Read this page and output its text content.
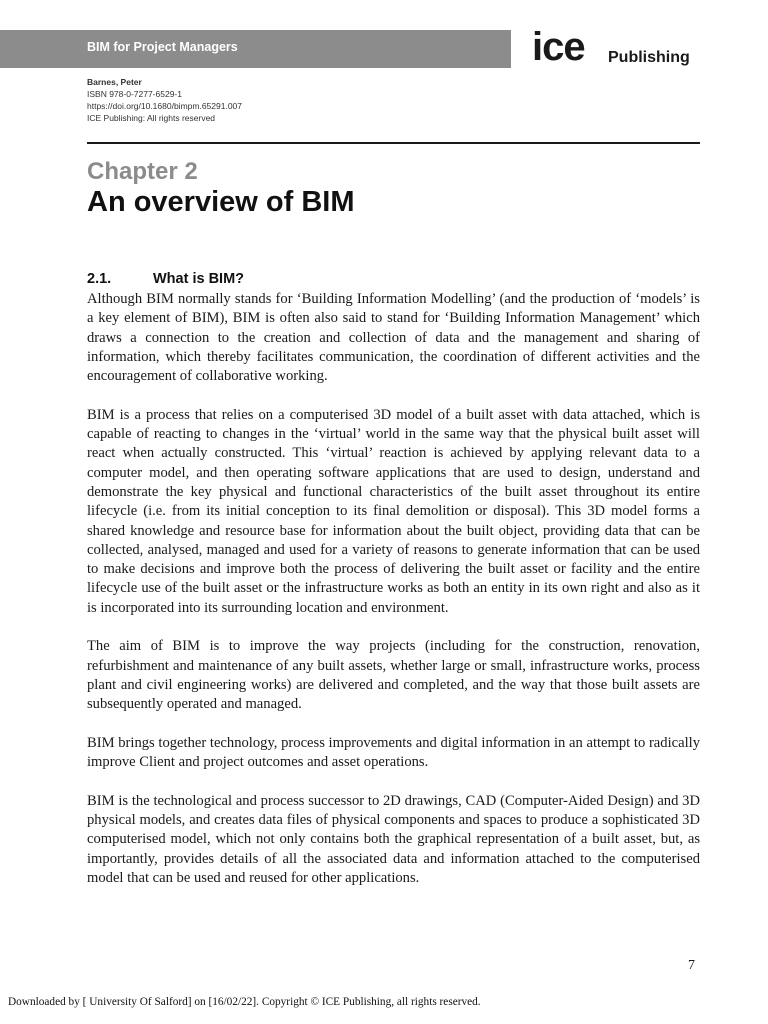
BIM for Project Managers	ice Publishing
Barnes, Peter
ISBN 978-0-7277-6529-1
https://doi.org/10.1680/bimpm.65291.007
ICE Publishing: All rights reserved
Chapter 2
An overview of BIM
2.1.	What is BIM?

Although BIM normally stands for ‘Building Information Modelling’ (and the production of ‘models’ is a key element of BIM), BIM is often also said to stand for ‘Building Information Management’ which draws a connection to the creation and collection of data and the management and sharing of information, which thereby facilitates communication, the coordination of different activities and the encouragement of collaborative working.

BIM is a process that relies on a computerised 3D model of a built asset with data attached, which is capable of reacting to changes in the ‘virtual’ world in the same way that the physical built asset will react when actually constructed. This ‘virtual’ reaction is achieved by applying relevant data to a computer model, and then operating software applications that are used to design, understand and demonstrate the key physical and functional characteristics of the built asset throughout its entire lifecycle (i.e. from its initial conception to its final demolition or disposal). This 3D model forms a shared knowledge and resource base for information about the built object, providing data that can be collected, analysed, managed and used for a variety of reasons to generate information that can be used to make decisions and improve both the process of delivering the built asset or facility and the entire lifecycle use of the built asset or the infrastructure works as both an entity in its own right and also as it is incorporated into its surrounding location and environment.

The aim of BIM is to improve the way projects (including for the construction, renovation, refurbishment and maintenance of any built assets, whether large or small, infrastructure works, process plant and civil engineering works) are delivered and completed, and the way that those built assets are subsequently operated and managed.

BIM brings together technology, process improvements and digital information in an attempt to radically improve Client and project outcomes and asset operations.

BIM is the technological and process successor to 2D drawings, CAD (Computer-Aided Design) and 3D physical models, and creates data files of physical components and spaces to produce a sophisticated 3D computerised model, which not only contains both the graphical representation of a built asset, but, as importantly, provides details of all the associated data and information attached to the computerised model that can be used and reused for other applications.

7
Downloaded by [ University Of Salford] on [16/02/22]. Copyright © ICE Publishing, all rights reserved.
